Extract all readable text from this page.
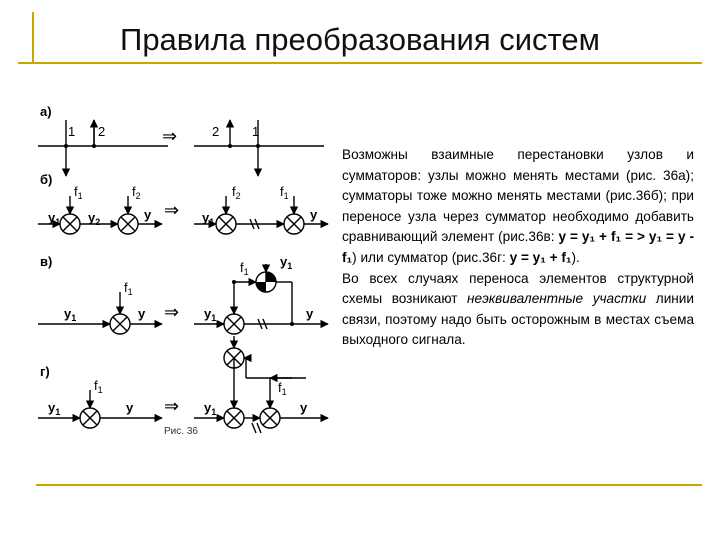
Правила преобразования систем
а)
1 2	⇒	2	1
б)
$y_1$ $y_2$	y
$f_1$	$f_2$
⇒ $y_1$	y
$f_2$	$f_1$
в)
$y_1$	y
$f_1$
⇒ $y_1$	y
$f_1$
$y_1$
г)
$y_1$	y
$f_1$
Рис. 36
⇒ $y_1$	y
$f_1$

Возможны взаимные перестановки узлов и сумматоров: узлы можно менять местами (рис. 36а); сумматоры тоже можно менять местами (рис.36б); при переносе узла через сумматор необходимо добавить сравнивающий элемент (рис.36в: y = y₁ + f₁ = > y₁ = y - f₁) или сумматор (рис.36г: y = y₁ + f₁).

Во всех случаях переноса элементов структурной схемы возникают неэквивалентные участки линии связи, поэтому надо быть осторожным в местах съема выходного сигнала.
